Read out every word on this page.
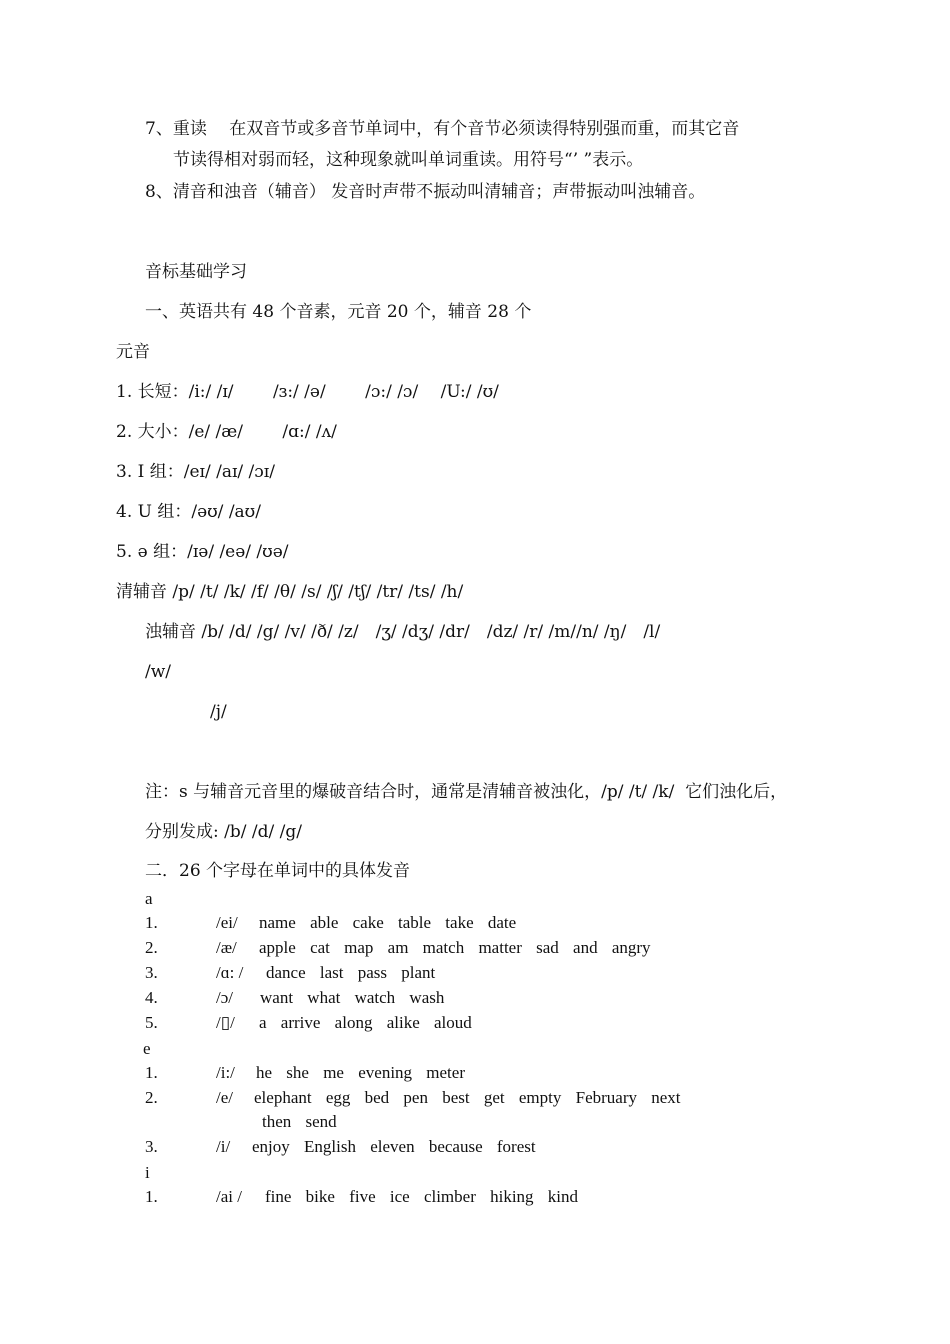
7、重读　 在双音节或多音节单词中，有个音节必须读得特别强而重，而其它音
节读得相对弱而轻，这种现象就叫单词重读。用符号“’ ”表示。
8、清音和浊音（辅音） 发音时声带不振动叫清辅音；声带振动叫浊辅音。
音标基础学习
一、英语共有 48 个音素，元音 20 个，辅音 28 个
元音
1. 长短：/i:/ /ɪ/　　 /ɜ:/ /ə/　　 /ɔ:/ /ɔ/　 /U:/ /ʊ/
2. 大小：/e/ /æ/　　 /ɑ:/ /ʌ/
3. I 组：/eɪ/ /aɪ/ /ɔɪ/
4. U 组：/əʊ/ /aʊ/
5. ə 组：/ɪə/ /eə/ /ʊə/
清辅音 /p/ /t/ /k/ /f/ /θ/ /s/ /ʃ/ /tʃ/ /tr/ /ts/ /h/
浊辅音 /b/ /d/ /g/ /v/ /ð/ /z/　/ʒ/ /dʒ/ /dr/　/dz/ /r/ /m//n/ /ŋ/　/l/
/w/
/j/
注：s 与辅音元音里的爆破音结合时，通常是清辅音被浊化，/p/ /t/ /k/  它们浊化后，
分别发成: /b/ /d/ /g/
二．26 个字母在单词中的具体发音
a
1.	/ei/ name able cake table take date
2.	/æ/ apple cat map am match matter sad and angry
3.	/ɑ: / dance last pass plant
4.	/ɔ/ want what watch wash
5.	/▯/ a arrive along alike aloud
e
1.	/i:/ he she me evening meter
2.	/e/ elephant egg bed pen best get empty February next
then send
3.	/i/ enjoy English eleven because forest
i
1.	/ai / fine bike five ice climber hiking kind
